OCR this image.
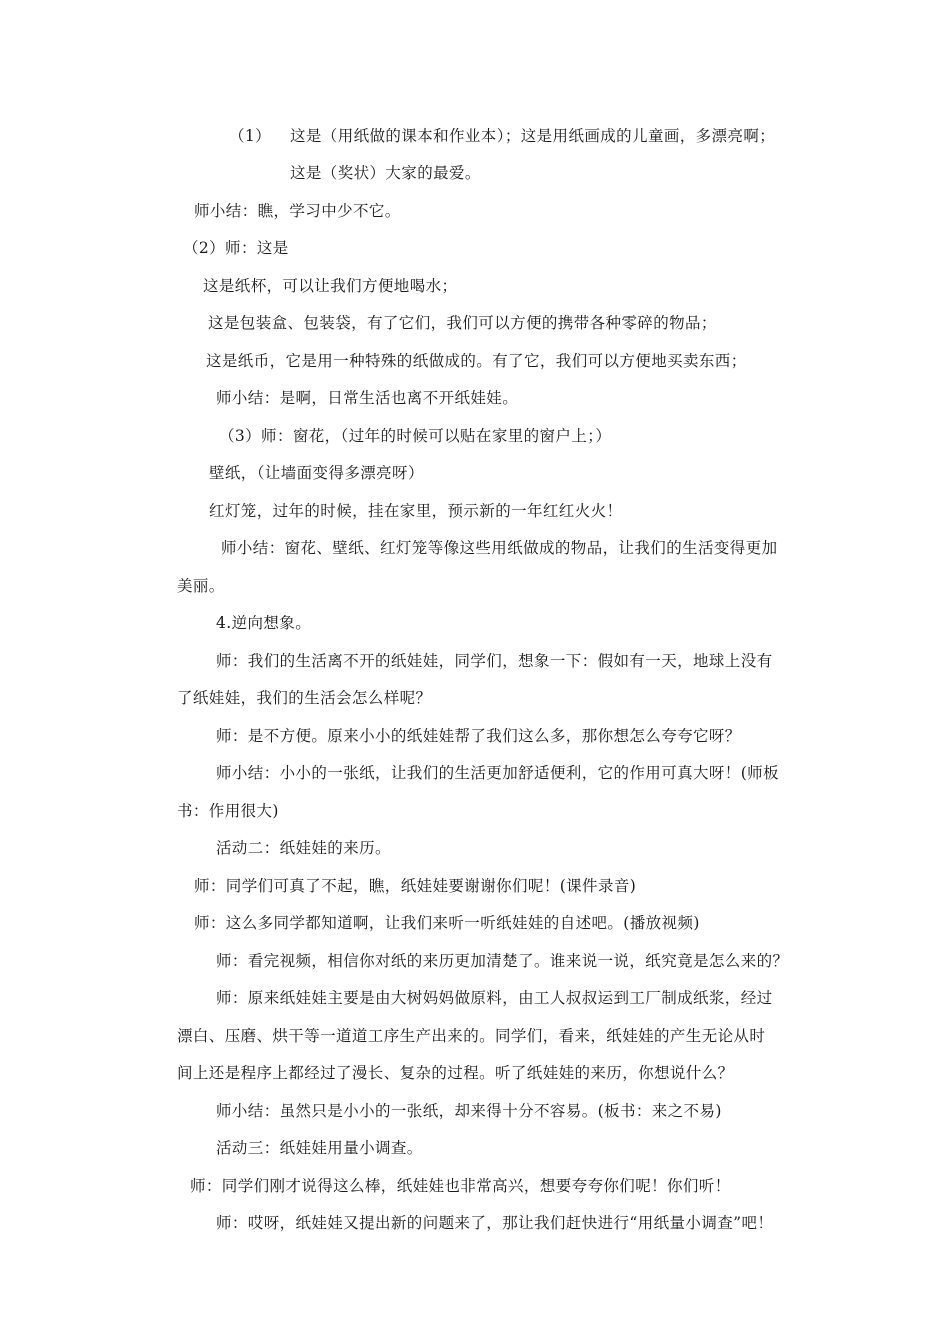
（1） 这是（用纸做的课本和作业本）；这是用纸画成的儿童画，多漂亮啊；
这是（奖状）大家的最爱。
师小结：瞧，学习中少不它。
（2）师：这是
这是纸杯，可以让我们方便地喝水；
这是包装盒、包装袋，有了它们，我们可以方便的携带各种零碎的物品；
这是纸币，它是用一种特殊的纸做成的。有了它，我们可以方便地买卖东西；
师小结：是啊，日常生活也离不开纸娃娃。
（3）师：窗花，（过年的时候可以贴在家里的窗户上；）
壁纸，（让墙面变得多漂亮呀）
红灯笼，过年的时候，挂在家里，预示新的一年红红火火！
师小结：窗花、壁纸、红灯笼等像这些用纸做成的物品，让我们的生活变得更加
美丽。
4.逆向想象。
师：我们的生活离不开的纸娃娃，同学们，想象一下：假如有一天，地球上没有
了纸娃娃，我们的生活会怎么样呢？
师：是不方便。原来小小的纸娃娃帮了我们这么多，那你想怎么夸夸它呀？
师小结：小小的一张纸，让我们的生活更加舒适便利，它的作用可真大呀！(师板
书：作用很大)
活动二：纸娃娃的来历。
师：同学们可真了不起，瞧，纸娃娃要谢谢你们呢！(课件录音)
师：这么多同学都知道啊，让我们来听一听纸娃娃的自述吧。(播放视频)
师：看完视频，相信你对纸的来历更加清楚了。谁来说一说，纸究竟是怎么来的？
师：原来纸娃娃主要是由大树妈妈做原料，由工人叔叔运到工厂制成纸浆，经过
漂白、压磨、烘干等一道道工序生产出来的。同学们，看来，纸娃娃的产生无论从时
间上还是程序上都经过了漫长、复杂的过程。听了纸娃娃的来历，你想说什么？
师小结：虽然只是小小的一张纸，却来得十分不容易。(板书：来之不易)
活动三：纸娃娃用量小调查。
师：同学们刚才说得这么棒，纸娃娃也非常高兴，想要夸夸你们呢！你们听！
师：哎呀，纸娃娃又提出新的问题来了，那让我们赶快进行“用纸量小调查”吧！
